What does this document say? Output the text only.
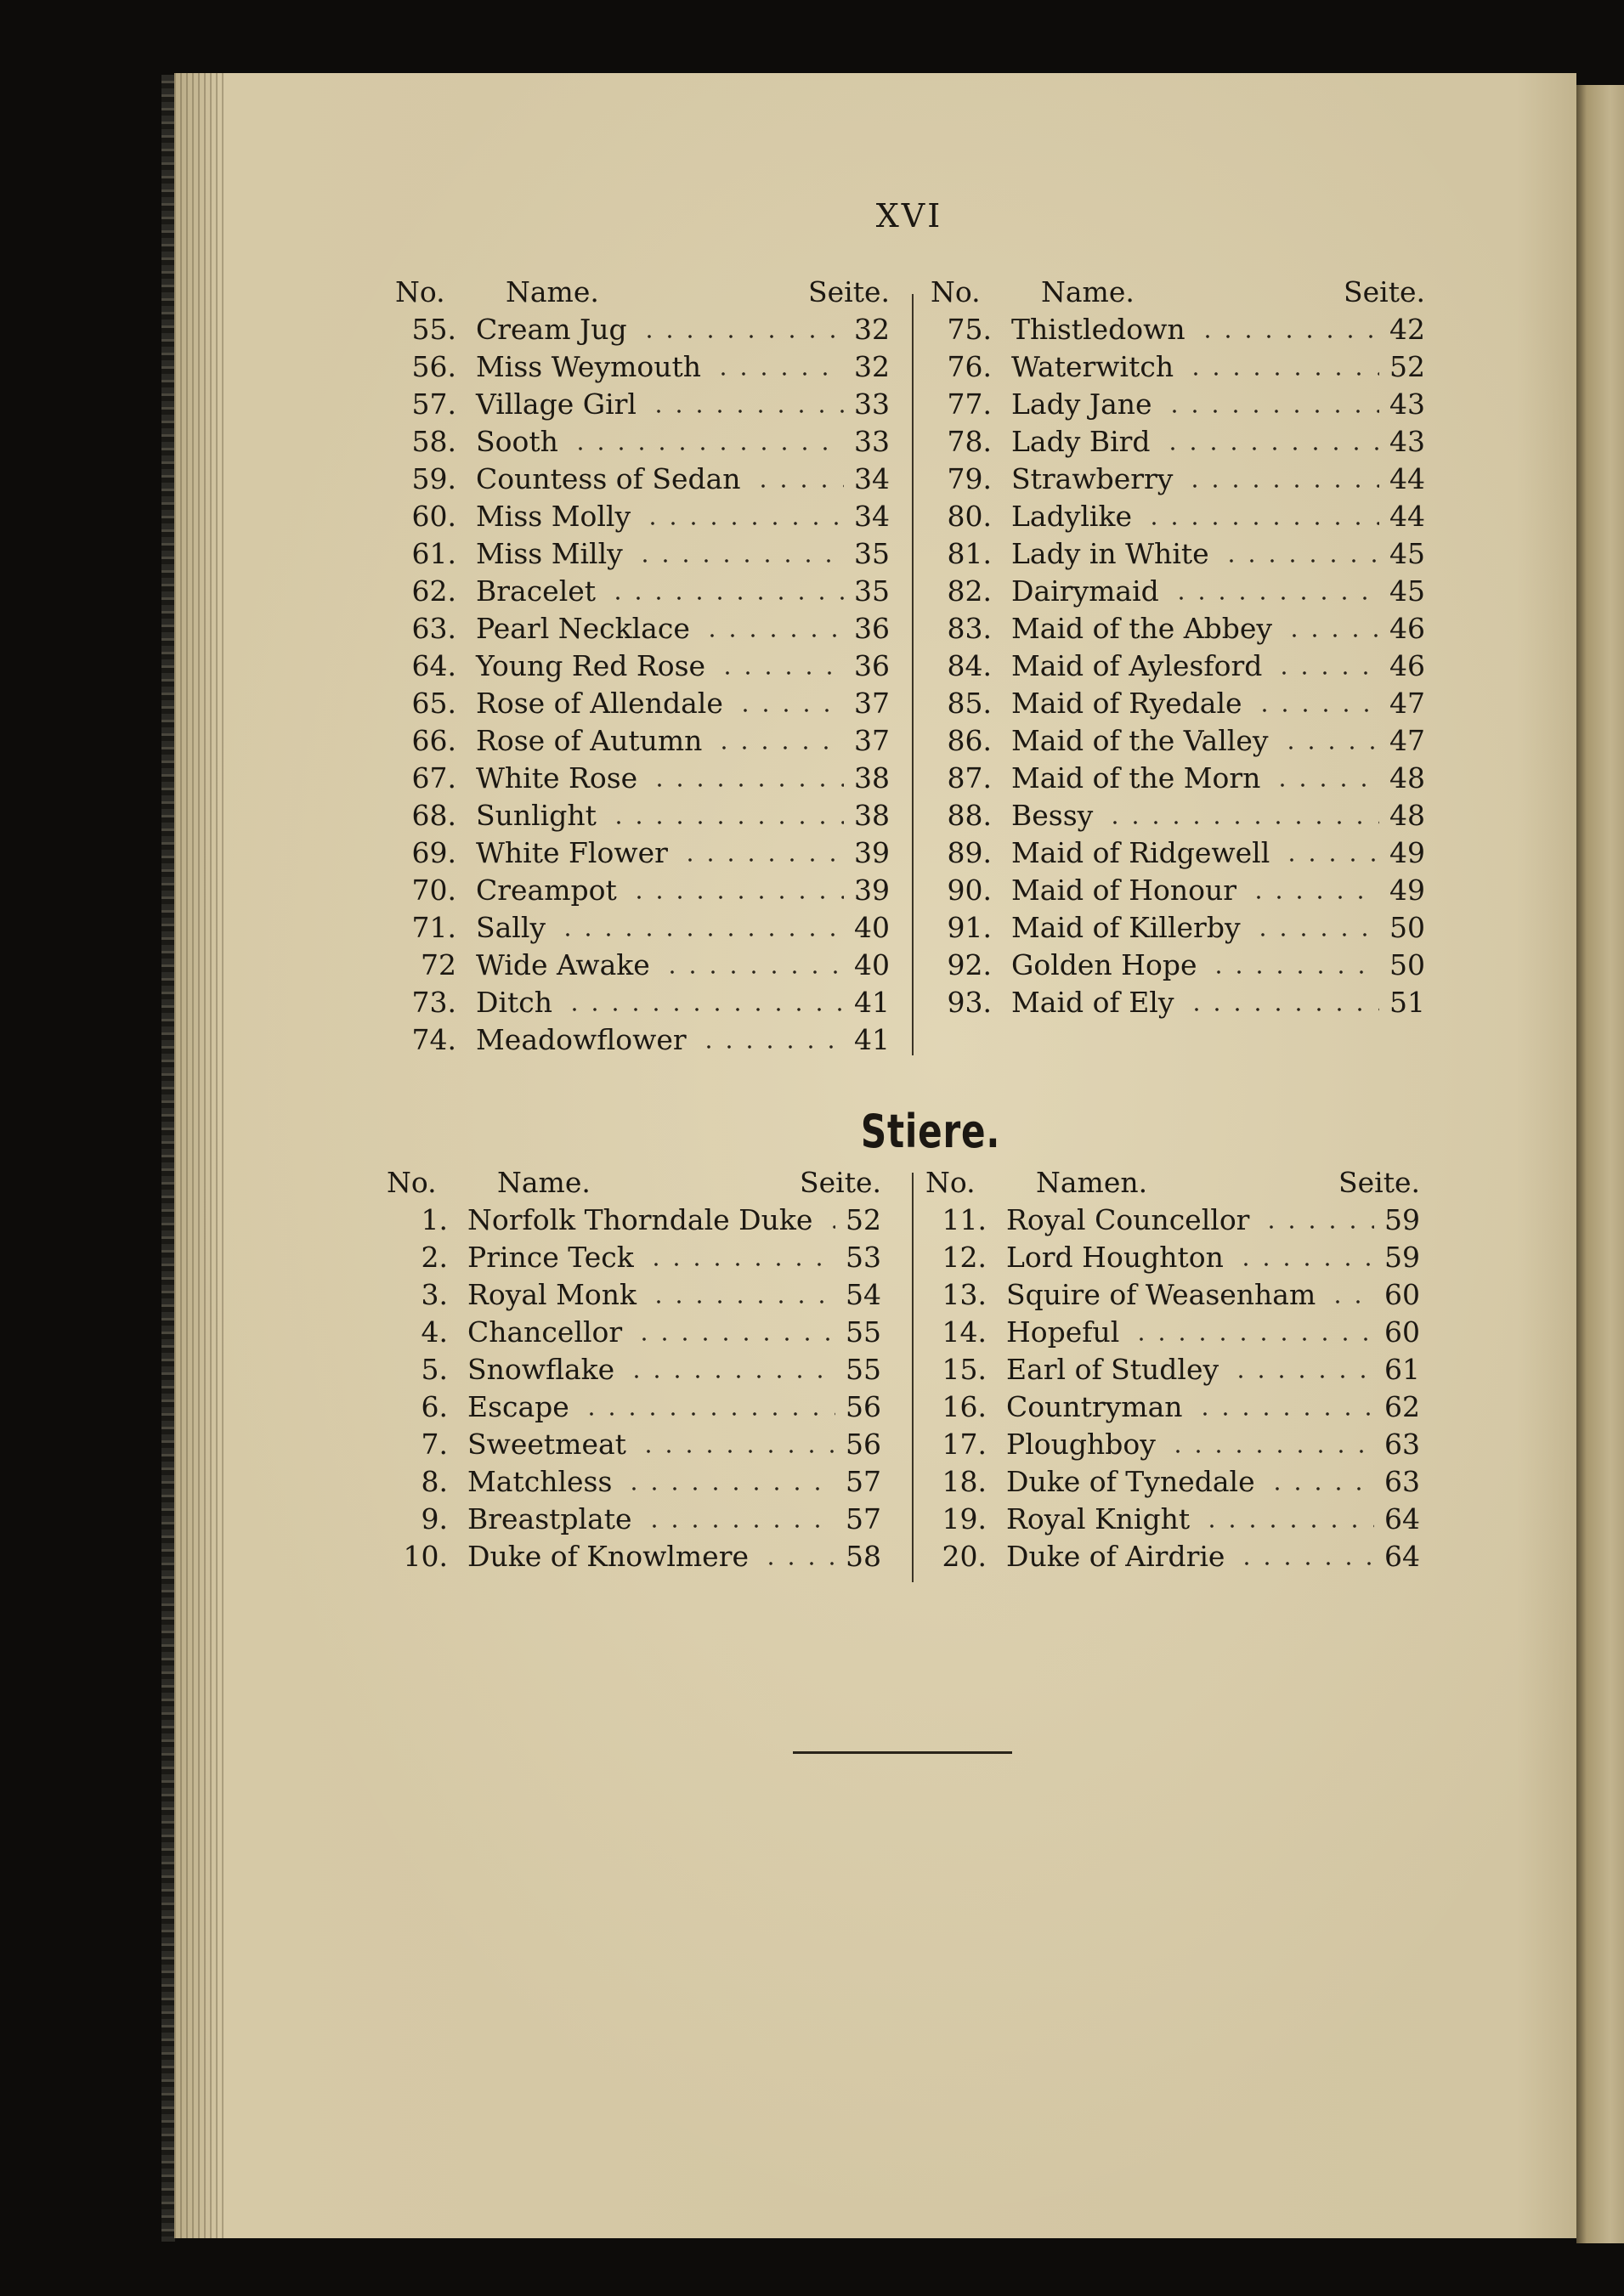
XVI
No. Name.	Seite.
55. Cream Jug	32
56. Miss Weymouth	32
57. Village Girl	33
58. Sooth	33
59. Countess of Sedan	34
60. Miss Molly	34
61. Miss Milly	35
62. Bracelet	35
63. Pearl Necklace	36
64. Young Red Rose	36
65. Rose of Allendale	37
66. Rose of Autumn	37
67. White Rose	38
68. Sunlight	38
69. White Flower	39
70. Creampot	39
71. Sally	40
72 Wide Awake	40
73. Ditch	41
74. Meadowflower	41
No. Name.	Seite.
75. Thistledown	42
76. Waterwitch	52
77. Lady Jane	43
78. Lady Bird	43
79. Strawberry	44
80. Ladylike	44
81. Lady in White	45
82. Dairymaid	45
83. Maid of the Abbey	46
84. Maid of Aylesford	46
85. Maid of Ryedale	47
86. Maid of the Valley	47
87. Maid of the Morn	48
88. Bessy	48
89. Maid of Ridgewell	49
90. Maid of Honour	49
91. Maid of Killerby	50
92. Golden Hope	50
93. Maid of Ely	51
Stiere.
No. Name.	Seite.
1. Norfolk Thorndale Duke 52
2. Prince Teck	53
3. Royal Monk	54
4. Chancellor	55
5. Snowflake	55
6. Escape	56
7. Sweetmeat	56
8. Matchless	57
9. Breastplate	57
10. Duke of Knowlmere	58
No. Namen.	Seite.
11. Royal Councellor	59
12. Lord Houghton	59
13. Squire of Weasenham 60
14. Hopeful	60
15. Earl of Studley	61
16. Countryman	62
17. Ploughboy	63
18. Duke of Tynedale	63
19. Royal Knight	64
20. Duke of Airdrie	64
